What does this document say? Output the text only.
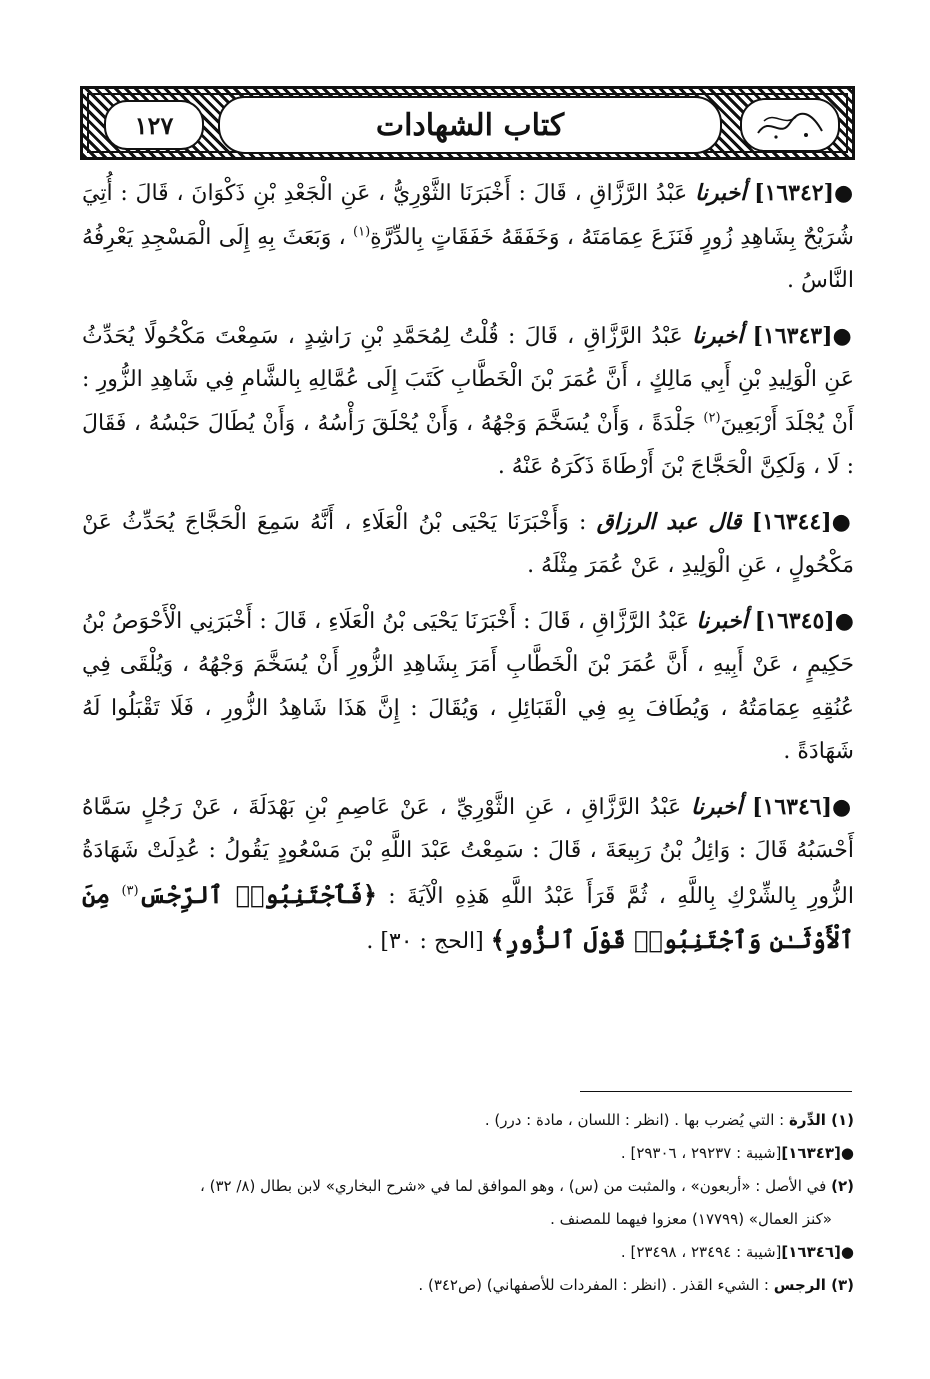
١٢٧	كتاب الشهادات

●[١٦٣٤٢] أخبرنا عَبْدُ الرَّزَّاقِ ، قَالَ : أَخْبَرَنَا الثَّوْرِيُّ ، عَنِ الْجَعْدِ بْنِ ذَكْوَانَ ، قَالَ : أُتِيَ شُرَيْحٌ بِشَاهِدِ زُورٍ فَنَزَعَ عِمَامَتَهُ ، وَخَفَقَهُ خَفَقَاتٍ بِالدِّرَّةِ$^{(١)}$ ، وَبَعَثَ بِهِ إِلَى الْمَسْجِدِ يَعْرِفُهُ النَّاسُ .

●[١٦٣٤٣] أخبرنا عَبْدُ الرَّزَّاقِ ، قَالَ : قُلْتُ لِمُحَمَّدِ بْنِ رَاشِدٍ ، سَمِعْتَ مَكْحُولًا يُحَدِّثُ عَنِ الْوَلِيدِ بْنِ أَبِي مَالِكٍ ، أَنَّ عُمَرَ بْنَ الْخَطَّابِ كَتَبَ إِلَى عُمَّالِهِ بِالشَّامِ فِي شَاهِدِ الزُّورِ : أَنْ يُجْلَدَ أَرْبَعِينَ$^{(٢)}$ جَلْدَةً ، وَأَنْ يُسَخَّمَ وَجْهُهُ ، وَأَنْ يُحْلَقَ رَأْسُهُ ، وَأَنْ يُطَالَ حَبْسُهُ ، فَقَالَ : لَا ، وَلَكِنَّ الْحَجَّاجَ بْنَ أَرْطَاةَ ذَكَرَهُ عَنْهُ .

●[١٦٣٤٤] قال عبد الرزاق : وَأَخْبَرَنَا يَحْيَى بْنُ الْعَلَاءِ ، أَنَّهُ سَمِعَ الْحَجَّاجَ يُحَدِّثُ عَنْ مَكْحُولٍ ، عَنِ الْوَلِيدِ ، عَنْ عُمَرَ مِثْلَهُ .

●[١٦٣٤٥] أخبرنا عَبْدُ الرَّزَّاقِ ، قَالَ : أَخْبَرَنَا يَحْيَى بْنُ الْعَلَاءِ ، قَالَ : أَخْبَرَنِي الْأَحْوَصُ بْنُ حَكِيمٍ ، عَنْ أَبِيهِ ، أَنَّ عُمَرَ بْنَ الْخَطَّابِ أَمَرَ بِشَاهِدِ الزُّورِ أَنْ يُسَخَّمَ وَجْهُهُ ، وَيُلْقَى فِي عُنُقِهِ عِمَامَتُهُ ، وَيُطَافَ بِهِ فِي الْقَبَائِلِ ، وَيُقَالَ : إِنَّ هَذَا شَاهِدُ الزُّورِ ، فَلَا تَقْبَلُوا لَهُ شَهَادَةً .

●[١٦٣٤٦] أخبرنا عَبْدُ الرَّزَّاقِ ، عَنِ الثَّوْرِيِّ ، عَنْ عَاصِمِ بْنِ بَهْدَلَةَ ، عَنْ رَجُلٍ سَمَّاهُ أَحْسَبُهُ قَالَ : وَائِلُ بْنُ رَبِيعَةَ ، قَالَ : سَمِعْتُ عَبْدَ اللَّهِ بْنَ مَسْعُودٍ يَقُولُ : عُدِلَتْ شَهَادَةُ الزُّورِ بِالشِّرْكِ بِاللَّهِ ، ثُمَّ قَرَأَ عَبْدُ اللَّهِ هَذِهِ الْآيَةَ : ﴿فَٱجْتَنِبُوا۟ ٱلرِّجْسَ$^{(٣)}$ مِنَ ٱلْأَوْثَـٰنِ وَٱجْتَنِبُوا۟ قَوْلَ ٱلزُّورِ﴾ [الحج : ٣٠] .

(١) الدِّرة : التي يُضرب بها . (انظر : اللسان ، مادة : درر) .

●[١٦٣٤٣][شيبة : ٢٩٢٣٧ ، ٢٩٣٠٦] .

(٢) في الأصل : «أربعون» ، والمثبت من (س) ، وهو الموافق لما في «شرح البخاري» لابن بطال (٨/ ٣٢) ،

«كنز العمال» (١٧٧٩٩) معزوا فيهما للمصنف .

●[١٦٣٤٦][شيبة : ٢٣٤٩٤ ، ٢٣٤٩٨] .

(٣) الرجس : الشيء القذر . (انظر : المفردات للأصفهاني) (ص٣٤٢) .
